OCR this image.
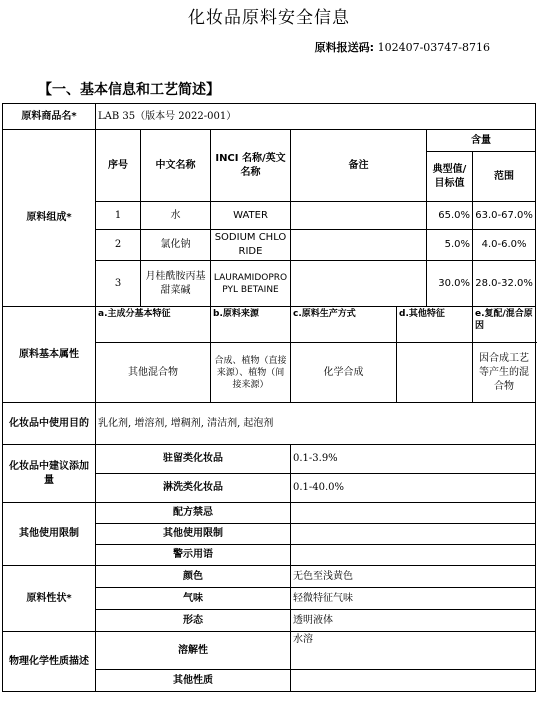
化妆品原料安全信息
原料报送码: 102407-03747-8716
【一、基本信息和工艺简述】
原料商品名*	LAB 35（版本号 2022-001）						
原料组成*	序号	中文名称	INCI 名称/英文名称	备注		含量	
						典型值/目标值	范围
	1	水	WATER			65.0%	63.0-67.0%
	2	氯化钠	SODIUM CHLORIDE			5.0%	4.0-6.0%
	3	月桂酰胺丙基甜菜碱	LAURAMIDOPROPYL BETAINE			30.0%	28.0-32.0%
原料基本属性	a.主成分基本特征		b.原料来源	c.原料生产方式	d.其他特征		e.复配/混合原因
	其他混合物		合成、植物（直接来源）、植物（间接来源）	化学合成			因合成工艺等产生的混合物
化妆品中使用目的	乳化剂, 增溶剂, 增稠剂, 清洁剂, 起泡剂						
化妆品中建议添加量	驻留类化妆品			0.1-3.9%			
	淋洗类化妆品			0.1-40.0%			
其他使用限制	配方禁忌						
	其他使用限制						
	警示用语						
原料性状*	颜色			无色至浅黄色			
	气味			轻微特征气味			
	形态			透明液体			
物理化学性质描述	溶解性			水溶			
	其他性质						
